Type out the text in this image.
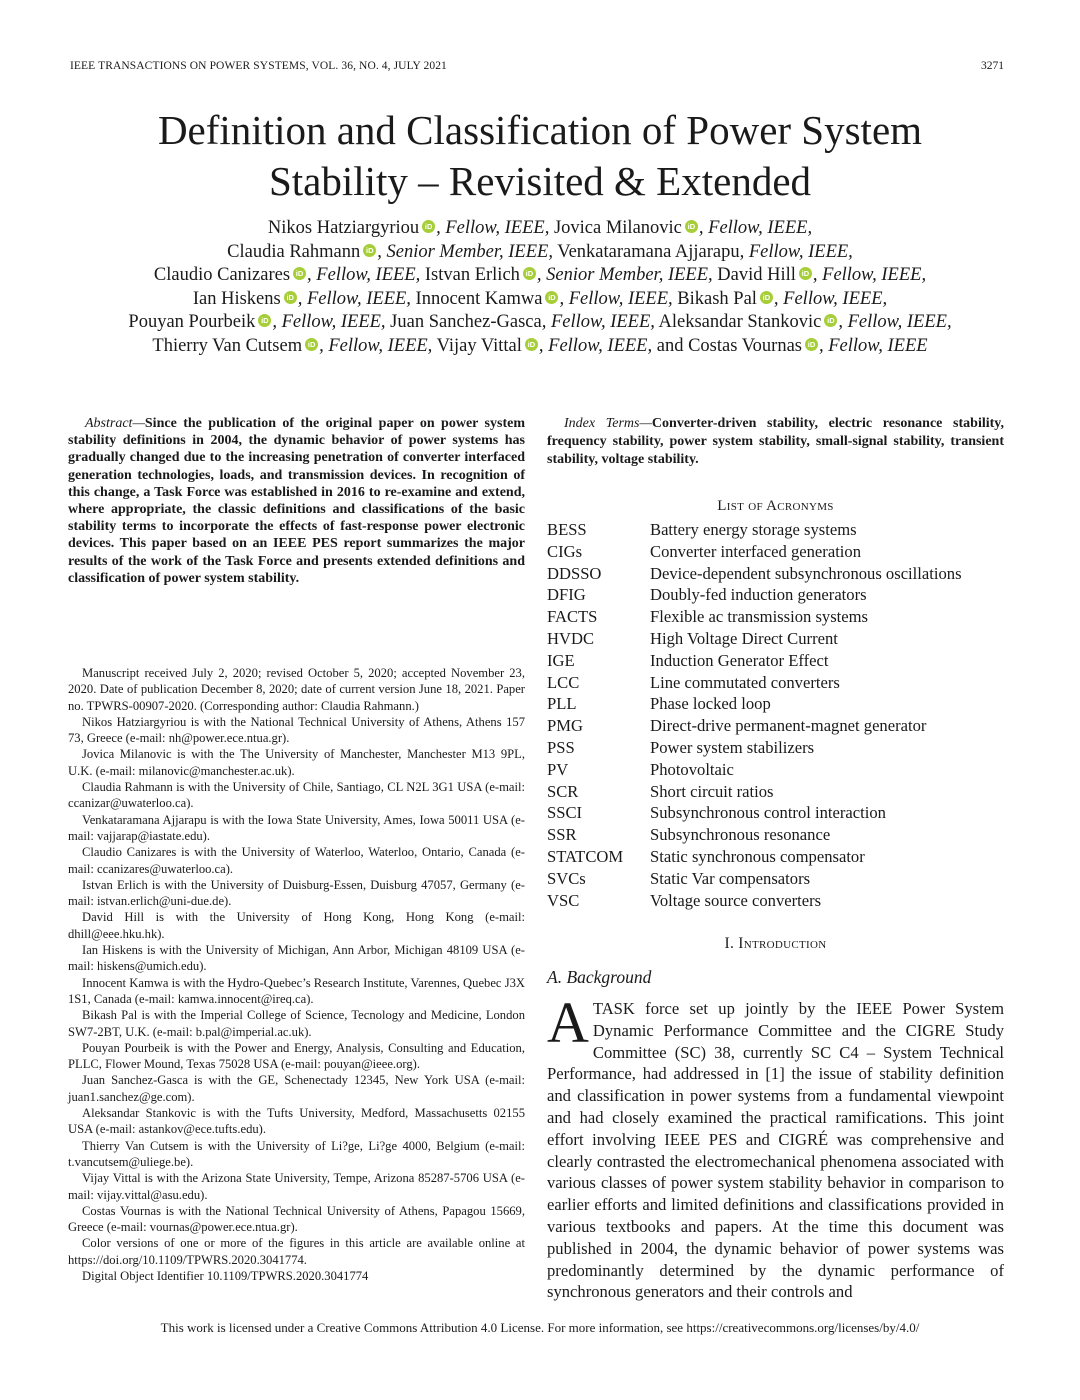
IEEE TRANSACTIONS ON POWER SYSTEMS, VOL. 36, NO. 4, JULY 2021	3271
Definition and Classification of Power System
Stability – Revisited & Extended
Nikos Hatziargyriou iD , Fellow, IEEE, Jovica Milanovic iD , Fellow, IEEE,
Claudia Rahmann iD , Senior Member, IEEE, Venkataramana Ajjarapu, Fellow, IEEE,
Claudio Canizares iD , Fellow, IEEE, Istvan Erlich iD , Senior Member, IEEE, David Hill iD , Fellow, IEEE,
Ian Hiskens iD , Fellow, IEEE, Innocent Kamwa iD , Fellow, IEEE, Bikash Pal iD , Fellow, IEEE,
Pouyan Pourbeik iD , Fellow, IEEE, Juan Sanchez-Gasca, Fellow, IEEE, Aleksandar Stankovic iD , Fellow, IEEE,
Thierry Van Cutsem iD , Fellow, IEEE, Vijay Vittal iD , Fellow, IEEE, and Costas Vournas iD , Fellow, IEEE

Abstract—Since the publication of the original paper on power system stability definitions in 2004, the dynamic behavior of power systems has gradually changed due to the increasing penetration of converter interfaced generation technologies, loads, and transmission devices. In recognition of this change, a Task Force was established in 2016 to re-examine and extend, where appropriate, the classic definitions and classifications of the basic stability terms to incorporate the effects of fast-response power electronic devices. This paper based on an IEEE PES report summarizes the major results of the work of the Task Force and presents extended definitions and classification of power system stability.

Index Terms—Converter-driven stability, electric resonance stability, frequency stability, power system stability, small-signal stability, transient stability, voltage stability.

Manuscript received July 2, 2020; revised October 5, 2020; accepted November 23, 2020. Date of publication December 8, 2020; date of current version June 18, 2021. Paper no. TPWRS-00907-2020. (Corresponding author: Claudia Rahmann.)

Nikos Hatziargyriou is with the National Technical University of Athens, Athens 157 73, Greece (e-mail: nh@power.ece.ntua.gr).

Jovica Milanovic is with the The University of Manchester, Manchester M13 9PL, U.K. (e-mail: milanovic@manchester.ac.uk).

Claudia Rahmann is with the University of Chile, Santiago, CL N2L 3G1 USA (e-mail: ccanizar@uwaterloo.ca).

Venkataramana Ajjarapu is with the Iowa State University, Ames, Iowa 50011 USA (e-mail: vajjarap@iastate.edu).

Claudio Canizares is with the University of Waterloo, Waterloo, Ontario, Canada (e-mail: ccanizares@uwaterloo.ca).

Istvan Erlich is with the University of Duisburg-Essen, Duisburg 47057, Germany (e-mail: istvan.erlich@uni-due.de).

David Hill is with the University of Hong Kong, Hong Kong (e-mail: dhill@eee.hku.hk).

Ian Hiskens is with the University of Michigan, Ann Arbor, Michigan 48109 USA (e-mail: hiskens@umich.edu).

Innocent Kamwa is with the Hydro-Quebec’s Research Institute, Varennes, Quebec J3X 1S1, Canada (e-mail: kamwa.innocent@ireq.ca).

Bikash Pal is with the Imperial College of Science, Tecnology and Medicine, London SW7-2BT, U.K. (e-mail: b.pal@imperial.ac.uk).

Pouyan Pourbeik is with the Power and Energy, Analysis, Consulting and Education, PLLC, Flower Mound, Texas 75028 USA (e-mail: pouyan@ieee.org).

Juan Sanchez-Gasca is with the GE, Schenectady 12345, New York USA (e-mail: juan1.sanchez@ge.com).

Aleksandar Stankovic is with the Tufts University, Medford, Massachusetts 02155 USA (e-mail: astankov@ece.tufts.edu).

Thierry Van Cutsem is with the University of Li?ge, Li?ge 4000, Belgium (e-mail: t.vancutsem@uliege.be).

Vijay Vittal is with the Arizona State University, Tempe, Arizona 85287-5706 USA (e-mail: vijay.vittal@asu.edu).

Costas Vournas is with the National Technical University of Athens, Papagou 15669, Greece (e-mail: vournas@power.ece.ntua.gr).

Color versions of one or more of the figures in this article are available online at https://doi.org/10.1109/TPWRS.2020.3041774.

Digital Object Identifier 10.1109/TPWRS.2020.3041774

List of Acronyms
BESS	Battery energy storage systems
CIGs	Converter interfaced generation
DDSSO	Device-dependent subsynchronous oscillations
DFIG	Doubly-fed induction generators
FACTS	Flexible ac transmission systems
HVDC	High Voltage Direct Current
IGE	Induction Generator Effect
LCC	Line commutated converters
PLL	Phase locked loop
PMG	Direct-drive permanent-magnet generator
PSS	Power system stabilizers
PV	Photovoltaic
SCR	Short circuit ratios
SSCI	Subsynchronous control interaction
SSR	Subsynchronous resonance
STATCOM	Static synchronous compensator
SVCs	Static Var compensators
VSC	Voltage source converters
I. Introduction
A. Background
ATASK force set up jointly by the IEEE Power System Dynamic Performance Committee and the CIGRE Study Committee (SC) 38, currently SC C4 – System Technical Performance, had addressed in [1] the issue of stability definition and classification in power systems from a fundamental viewpoint and had closely examined the practical ramifications. This joint effort involving IEEE PES and CIGRÉ was comprehensive and clearly contrasted the electromechanical phenomena associated with various classes of power system stability behavior in comparison to earlier efforts and limited definitions and classifications provided in various textbooks and papers. At the time this document was published in 2004, the dynamic behavior of power systems was predominantly determined by the dynamic performance of synchronous generators and their controls and
This work is licensed under a Creative Commons Attribution 4.0 License. For more information, see https://creativecommons.org/licenses/by/4.0/
